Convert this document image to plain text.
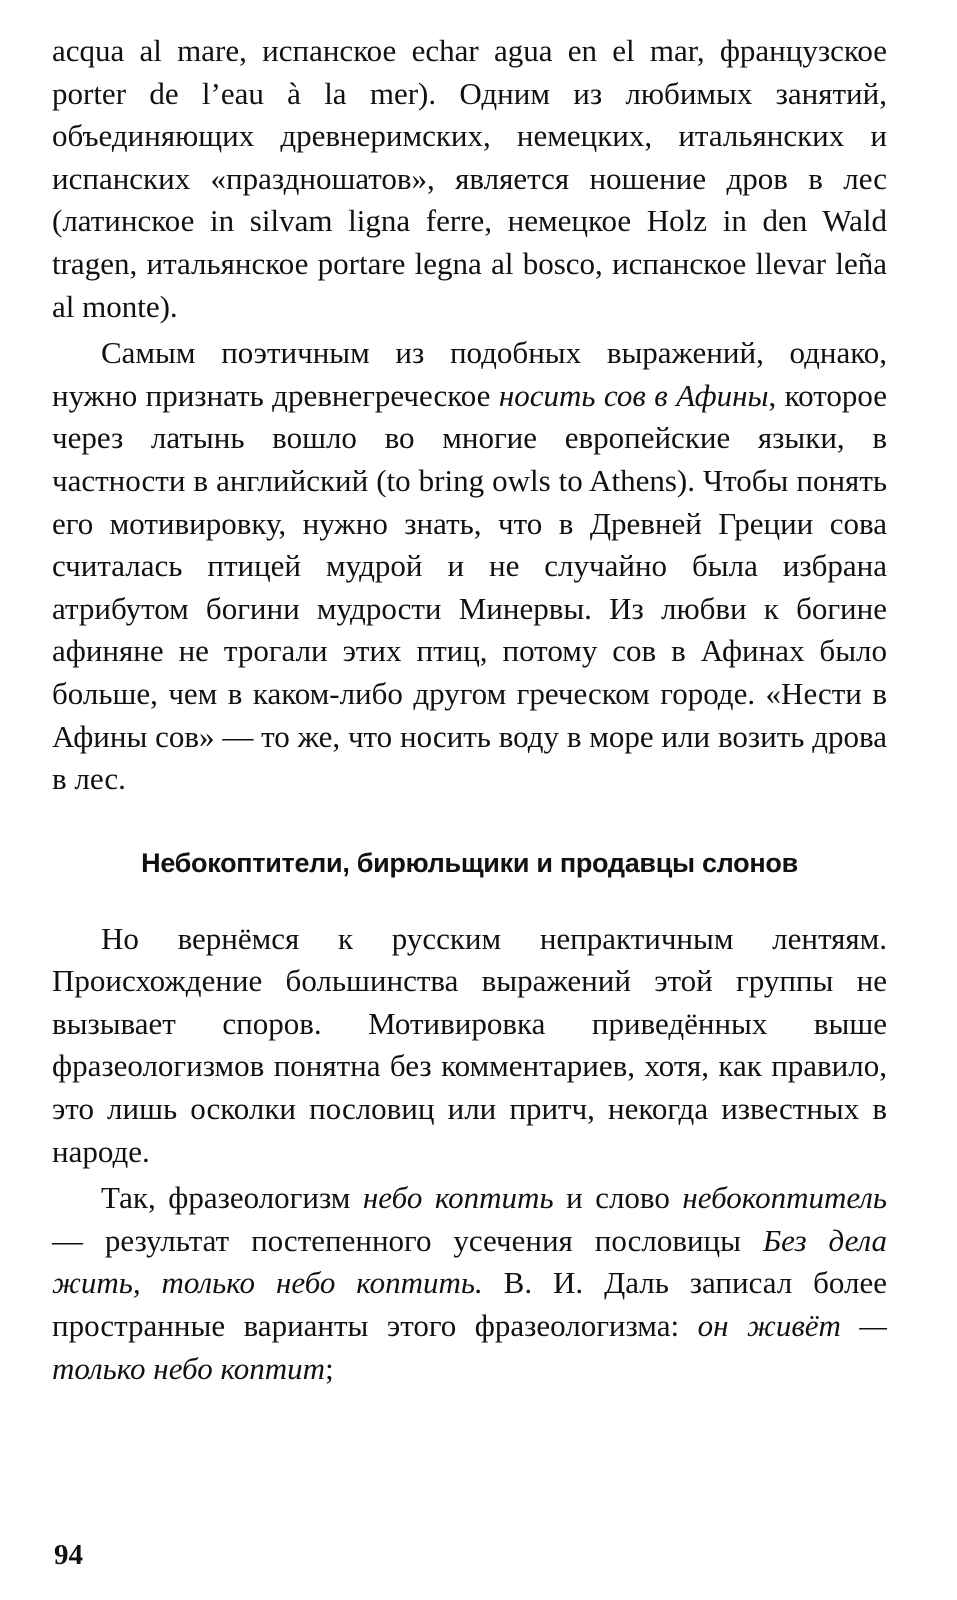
acqua al mare, испанское echar agua en el mar, французское porter de l’eau à la mer). Одним из любимых занятий, объединяющих древнеримских, немецких, итальянских и испанских «праздношатов», является ношение дров в лес (латинское in silvam ligna ferre, немецкое Holz in den Wald tragen, итальянское portare legna al bosco, испанское llevar leña al monte).

Самым поэтичным из подобных выражений, однако, нужно признать древнегреческое носить сов в Афины, которое через латынь вошло во многие европейские языки, в частности в английский (to bring owls to Athens). Чтобы понять его мотивировку, нужно знать, что в Древней Греции сова считалась птицей мудрой и не случайно была избрана атрибутом богини мудрости Минервы. Из любви к богине афиняне не трогали этих птиц, потому сов в Афинах было больше, чем в каком-либо другом греческом городе. «Нести в Афины сов» — то же, что носить воду в море или возить дрова в лес.

Небокоптители, бирюльщики и продавцы слонов

Но вернёмся к русским непрактичным лентяям. Происхождение большинства выражений этой группы не вызывает споров. Мотивировка приведённых выше фразеологизмов понятна без комментариев, хотя, как правило, это лишь осколки пословиц или притч, некогда известных в народе.

Так, фразеологизм небо коптить и слово небокоптитель — результат постепенного усечения пословицы Без дела жить, только небо коптить. В. И. Даль записал более пространные варианты этого фразеологизма: он живёт — только небо коптит;

94
